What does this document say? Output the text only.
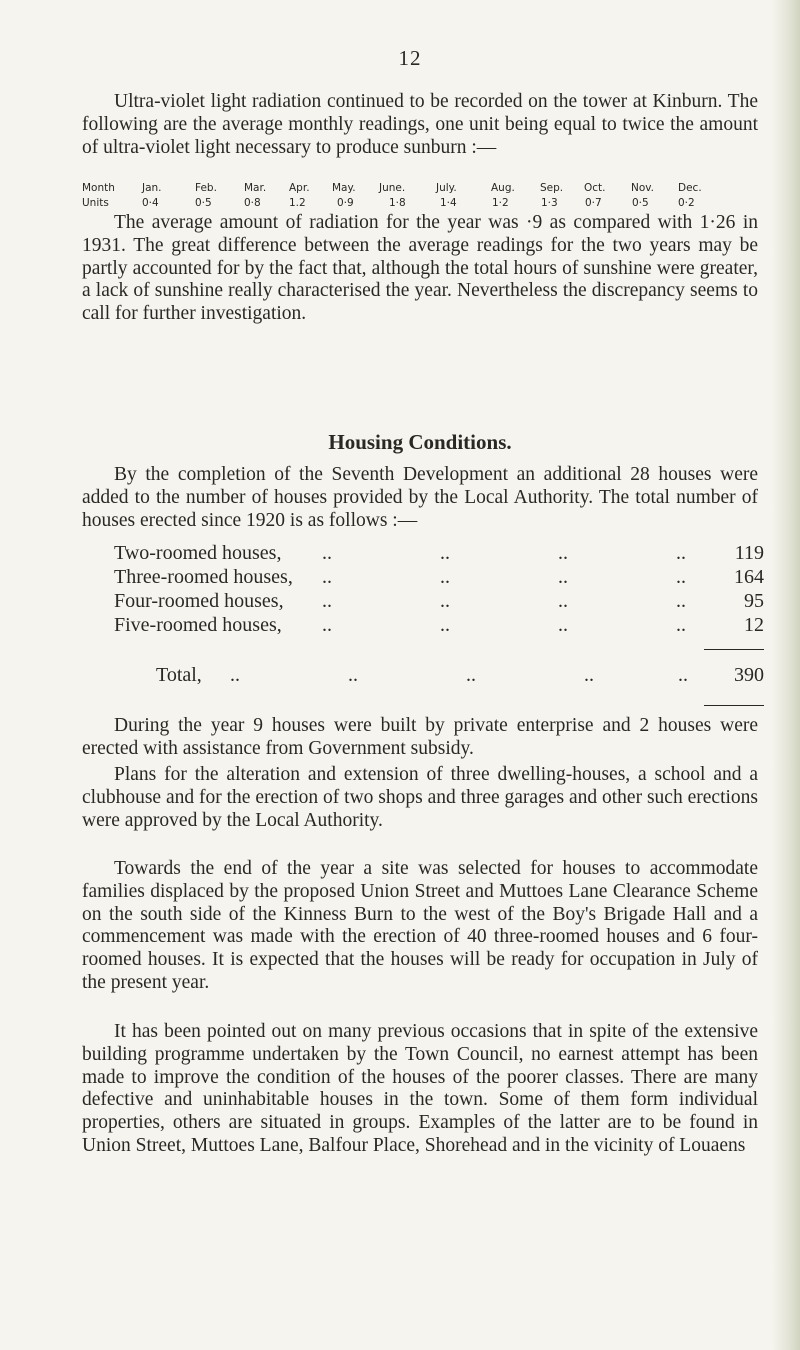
12

Ultra-violet light radiation continued to be recorded on the tower at Kinburn. The following are the average monthly readings, one unit being equal to twice the amount of ultra-violet light necessary to produce sunburn :—

Month	Jan.	Feb.	Mar. Apr. May. June.	July.	Aug. Sep. Oct. Nov. Dec.
Units	0·4	0·5	0·8	1.2	0·9	1·8	1·4	1·2	1·3	0·7	0·5	0·2

The average amount of radiation for the year was ·9 as compared with 1·26 in 1931. The great difference between the average readings for the two years may be partly accounted for by the fact that, although the total hours of sunshine were greater, a lack of sunshine really characterised the year. Nevertheless the discrepancy seems to call for further investigation.

Housing Conditions.

By the completion of the Seventh Development an additional 28 houses were added to the number of houses provided by the Local Authority. The total number of houses erected since 1920 is as follows :—

Two-roomed houses, ..	..	..	..	119
Three-roomed houses, ..	..	..	..	164
Four-roomed houses, ..	..	..	..	95
Five-roomed houses, ..	..	..	..	12
Total, ..	..	..	..	.. 390

During the year 9 houses were built by private enterprise and 2 houses were erected with assistance from Government subsidy.

Plans for the alteration and extension of three dwelling-houses, a school and a clubhouse and for the erection of two shops and three garages and other such erections were approved by the Local Authority.

Towards the end of the year a site was selected for houses to accommodate families displaced by the proposed Union Street and Muttoes Lane Clearance Scheme on the south side of the Kinness Burn to the west of the Boy's Brigade Hall and a commencement was made with the erection of 40 three-roomed houses and 6 four-roomed houses. It is expected that the houses will be ready for occupation in July of the present year.

It has been pointed out on many previous occasions that in spite of the extensive building programme undertaken by the Town Council, no earnest attempt has been made to improve the condition of the houses of the poorer classes. There are many defective and uninhabitable houses in the town. Some of them form individual properties, others are situated in groups. Examples of the latter are to be found in Union Street, Muttoes Lane, Balfour Place, Shorehead and in the vicinity of Louaens
